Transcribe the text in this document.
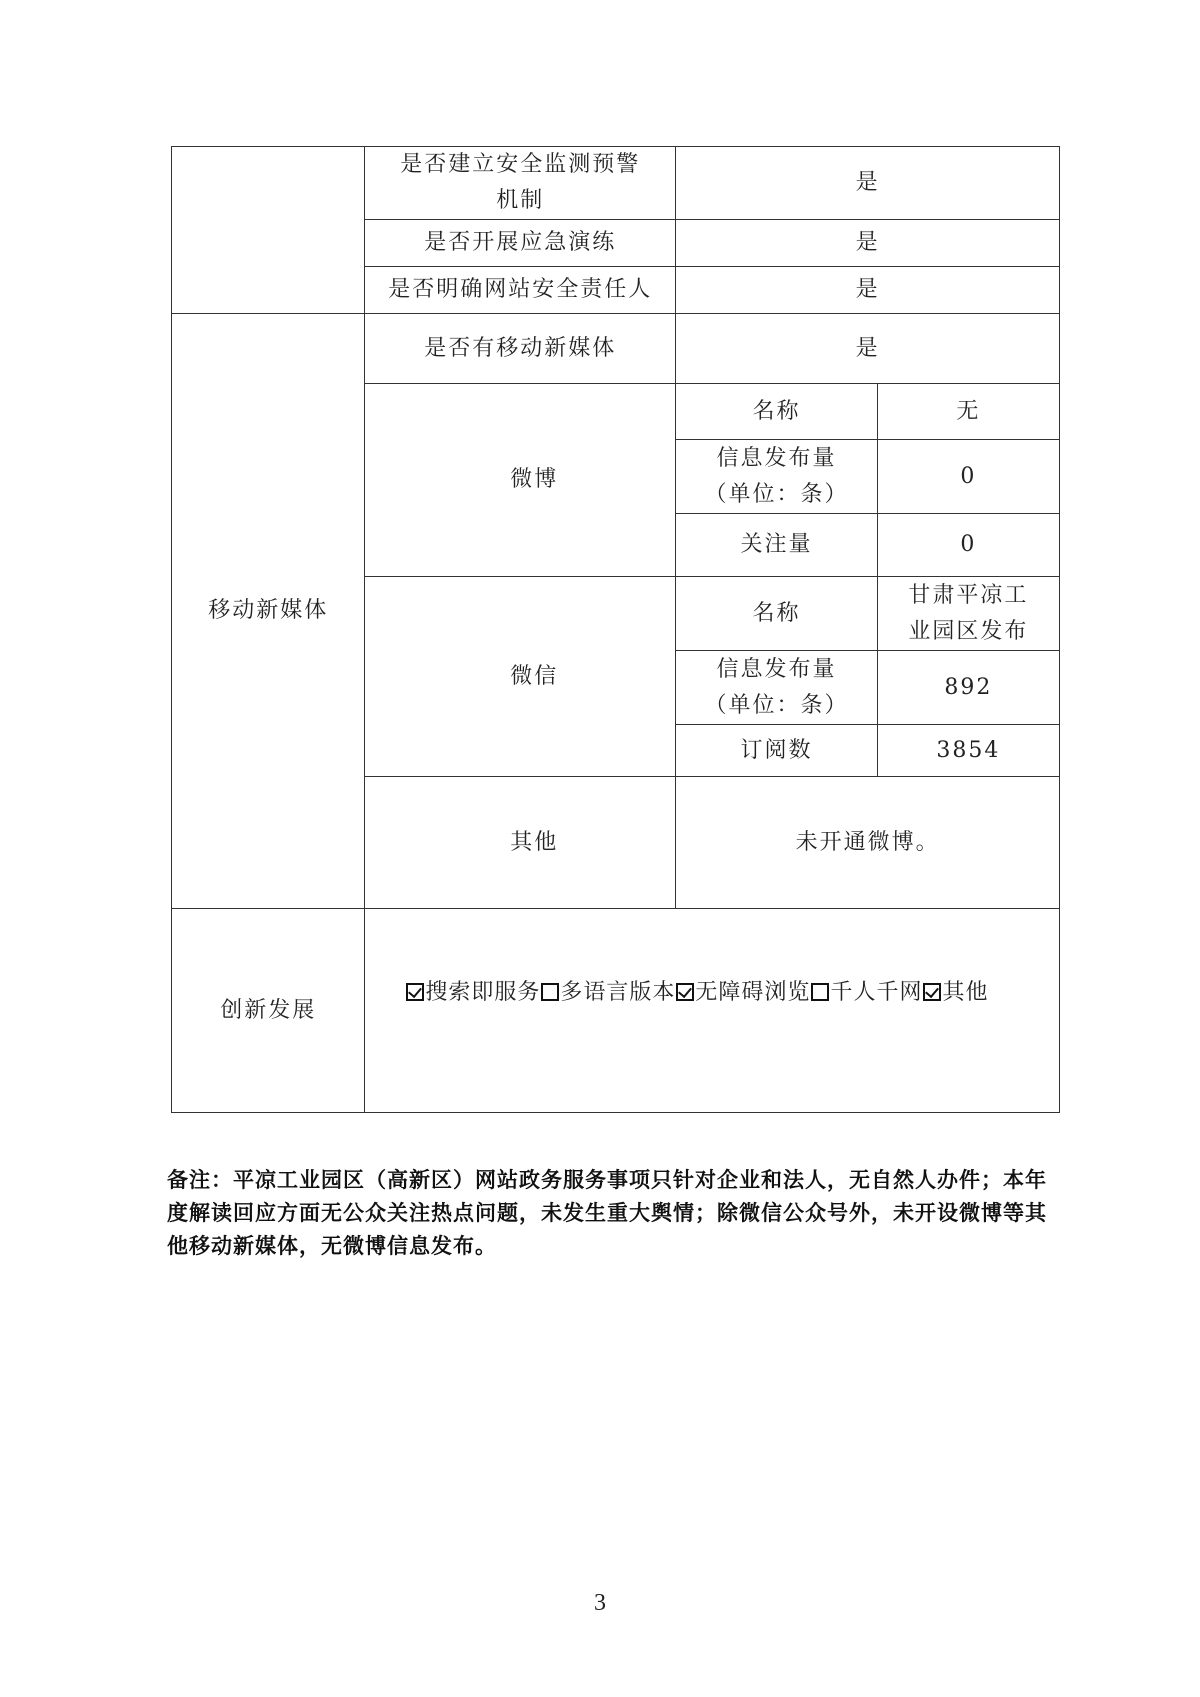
	是否建立安全监测预警机制	是	
	是否开展应急演练	是	
	是否明确网站安全责任人	是	
移动新媒体	是否有移动新媒体	是	
	微博	名称	无
		信息发布量（单位：条）	0
		关注量	0
	微信	名称	甘肃平凉工业园区发布
		信息发布量（单位：条）	892
		订阅数	3854
	其他	未开通微博。	
创新发展	搜索即服务 多语言版本 无障碍浏览 千人千网 其他		

备注：平凉工业园区（高新区）网站政务服务事项只针对企业和法人，无自然人办件；本年度解读回应方面无公众关注热点问题，未发生重大舆情；除微信公众号外，未开设微博等其他移动新媒体，无微博信息发布。

3
